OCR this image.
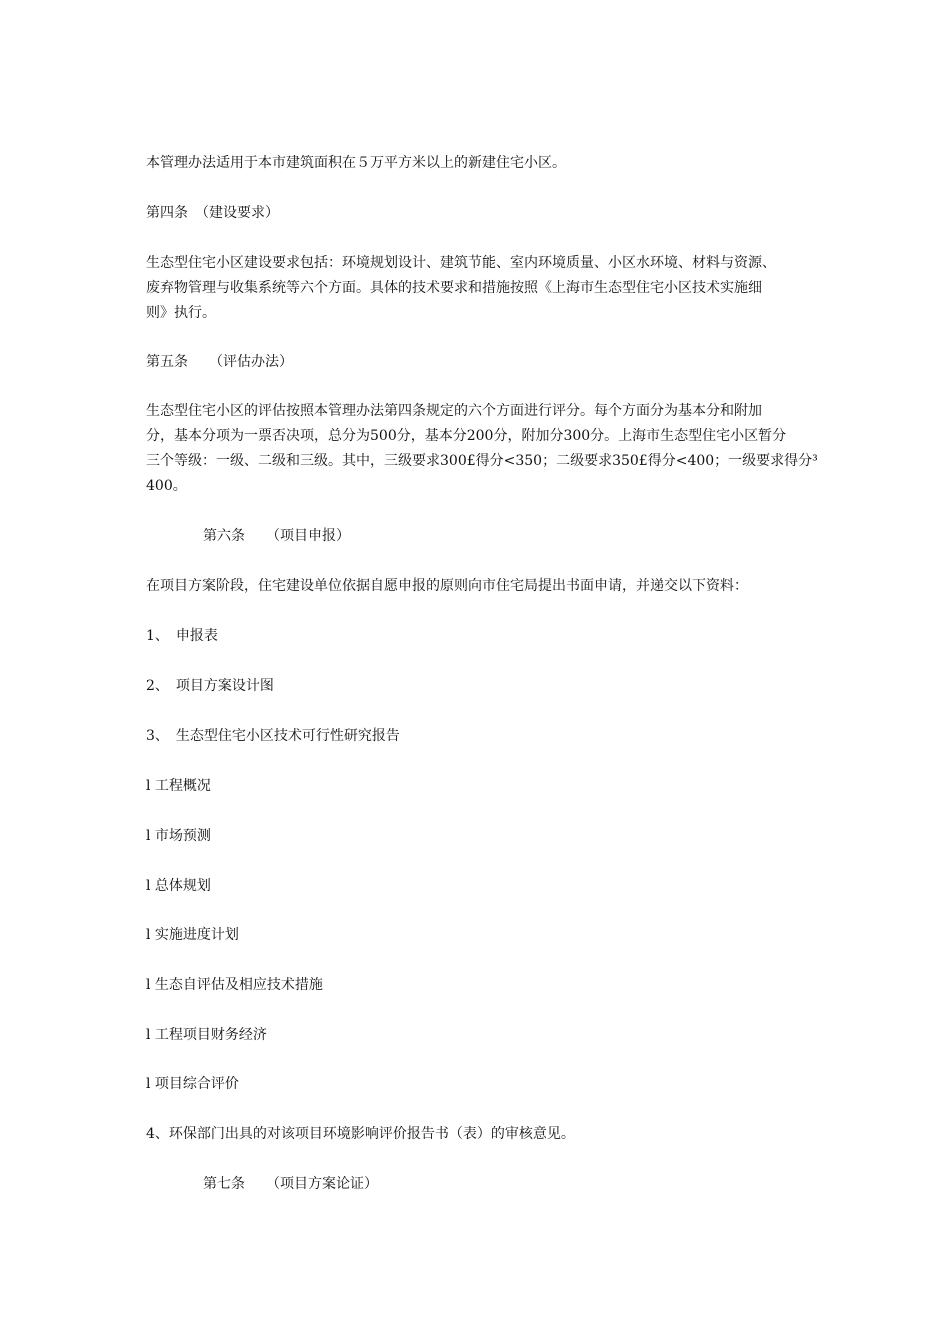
本管理办法适用于本市建筑面积在５万平方米以上的新建住宅小区。
第四条　（建设要求）

生态型住宅小区建设要求包括：环境规划设计、建筑节能、室内环境质量、小区水环境、材料与资源、

废弃物管理与收集系统等六个方面。具体的技术要求和措施按照《上海市生态型住宅小区技术实施细

则》执行。

第五条　　（评估办法）

生态型住宅小区的评估按照本管理办法第四条规定的六个方面进行评分。每个方面分为基本分和附加

分，基本分项为一票否决项，总分为500分，基本分200分，附加分300分。上海市生态型住宅小区暂分

三个等级：一级、二级和三级。其中，三级要求300£得分<350；二级要求350£得分<400；一级要求得分³

400。

第六条　　（项目申报）
在项目方案阶段，住宅建设单位依据自愿申报的原则向市住宅局提出书面申请，并递交以下资料：
1、　申报表
2、　项目方案设计图
3、　生态型住宅小区技术可行性研究报告
l 工程概况
l 市场预测
l 总体规划
l 实施进度计划
l 生态自评估及相应技术措施
l 工程项目财务经济
l 项目综合评价
4、环保部门出具的对该项目环境影响评价报告书（表）的审核意见。
第七条　　（项目方案论证）
